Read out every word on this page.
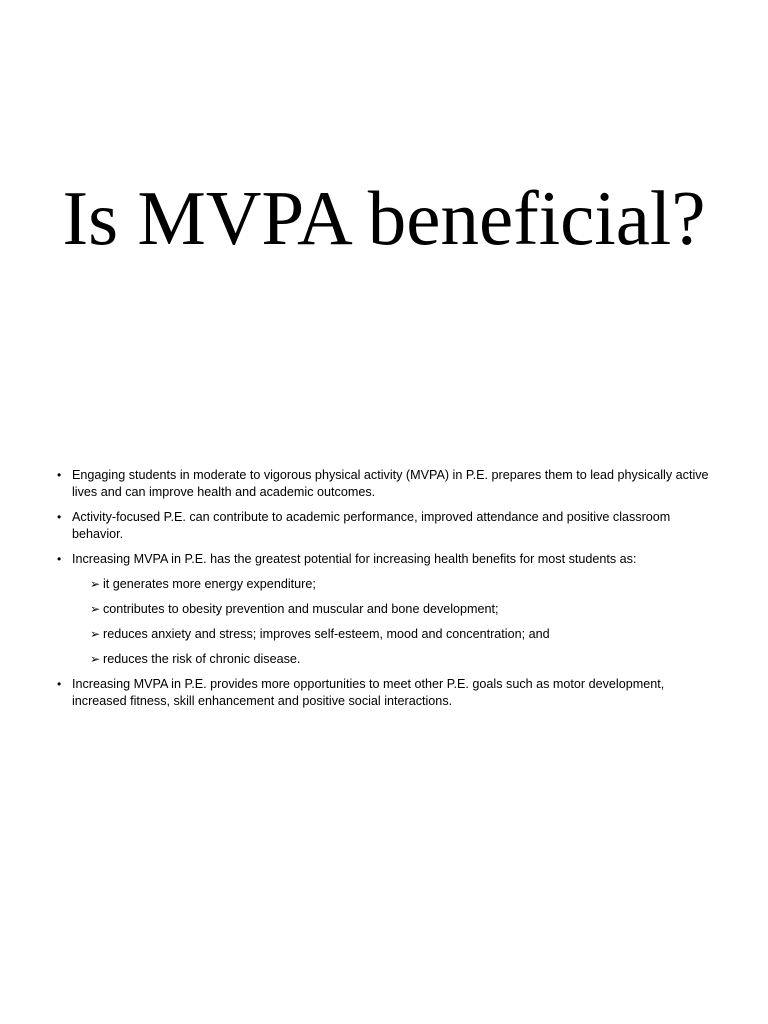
Is MVPA beneficial?
• Engaging students in moderate to vigorous physical activity (MVPA) in P.E. prepares them to lead physically active lives and can improve health and academic outcomes.
• Activity-focused P.E. can contribute to academic performance, improved attendance and positive classroom behavior.
• Increasing MVPA in P.E. has the greatest potential for increasing health benefits for most students as:
➢ it generates more energy expenditure;
➢ contributes to obesity prevention and muscular and bone development;
➢ reduces anxiety and stress; improves self-esteem, mood and concentration; and
➢ reduces the risk of chronic disease.
• Increasing MVPA in P.E. provides more opportunities to meet other P.E. goals such as motor development, increased fitness, skill enhancement and positive social interactions.
